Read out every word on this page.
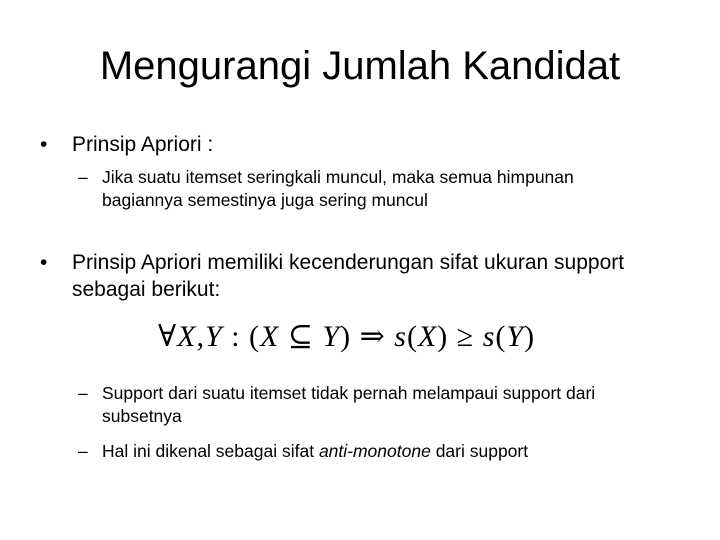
Mengurangi Jumlah Kandidat
• Prinsip Apriori :
– Jika suatu itemset seringkali muncul, maka semua himpunan bagiannya semestinya juga sering muncul
• Prinsip Apriori memiliki kecenderungan sifat ukuran support sebagai berikut:
∀X,Y : (X ⊆ Y) ⇒ s(X) ≥ s(Y)
– Support dari suatu itemset tidak pernah melampaui support dari subsetnya
– Hal ini dikenal sebagai sifat anti-monotone dari support
